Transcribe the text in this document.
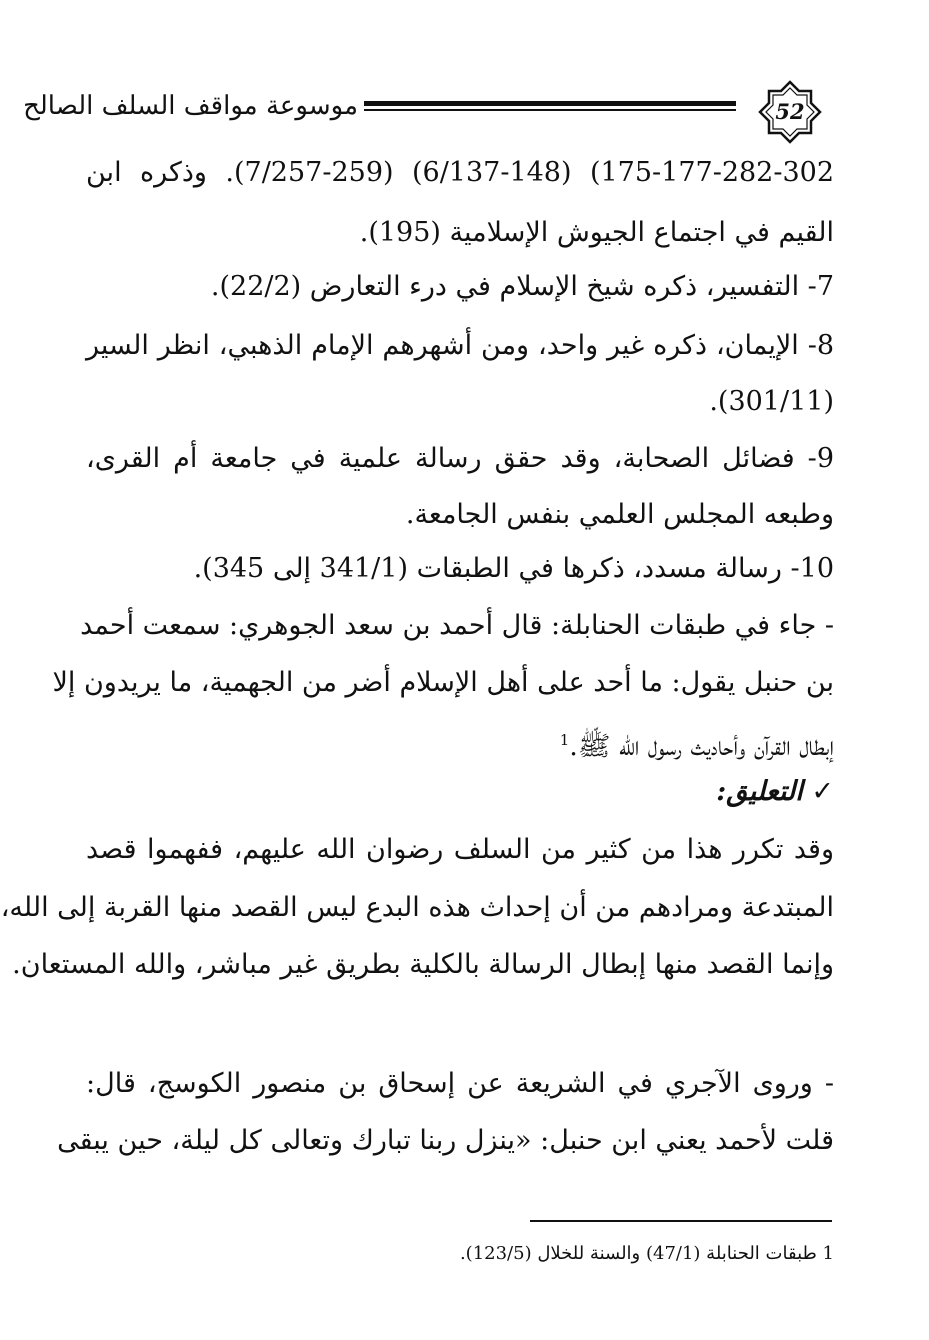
موسوعة مواقف السلف الصالح	52
175-177-282-302) (6/137-148) (7/257-259). وذكره ابن
القيم في اجتماع الجيوش الإسلامية (195).
7- التفسير، ذكره شيخ الإسلام في درء التعارض (22/2).
8- الإيمان، ذكره غير واحد، ومن أشهرهم الإمام الذهبي، انظر السير
(301/11).
9- فضائل الصحابة، وقد حقق رسالة علمية في جامعة أم القرى،
وطبعه المجلس العلمي بنفس الجامعة.
10- رسالة مسدد، ذكرها في الطبقات (341/1 إلى 345).
- جاء في طبقات الحنابلة: قال أحمد بن سعد الجوهري: سمعت أحمد
بن حنبل يقول: ما أحد على أهل الإسلام أضر من الجهمية، ما يريدون إلا
إبطال القرآن وأحاديث رسول الله ﷺ.$^1$
✓ التعليق:
وقد تكرر هذا من كثير من السلف رضوان الله عليهم، ففهموا قصد
المبتدعة ومرادهم من أن إحداث هذه البدع ليس القصد منها القربة إلى الله،
وإنما القصد منها إبطال الرسالة بالكلية بطريق غير مباشر، والله المستعان.
- وروى الآجري في الشريعة عن إسحاق بن منصور الكوسج، قال:
قلت لأحمد يعني ابن حنبل: «ينزل ربنا تبارك وتعالى كل ليلة، حين يبقى
1 طبقات الحنابلة (47/1) والسنة للخلال (123/5).
